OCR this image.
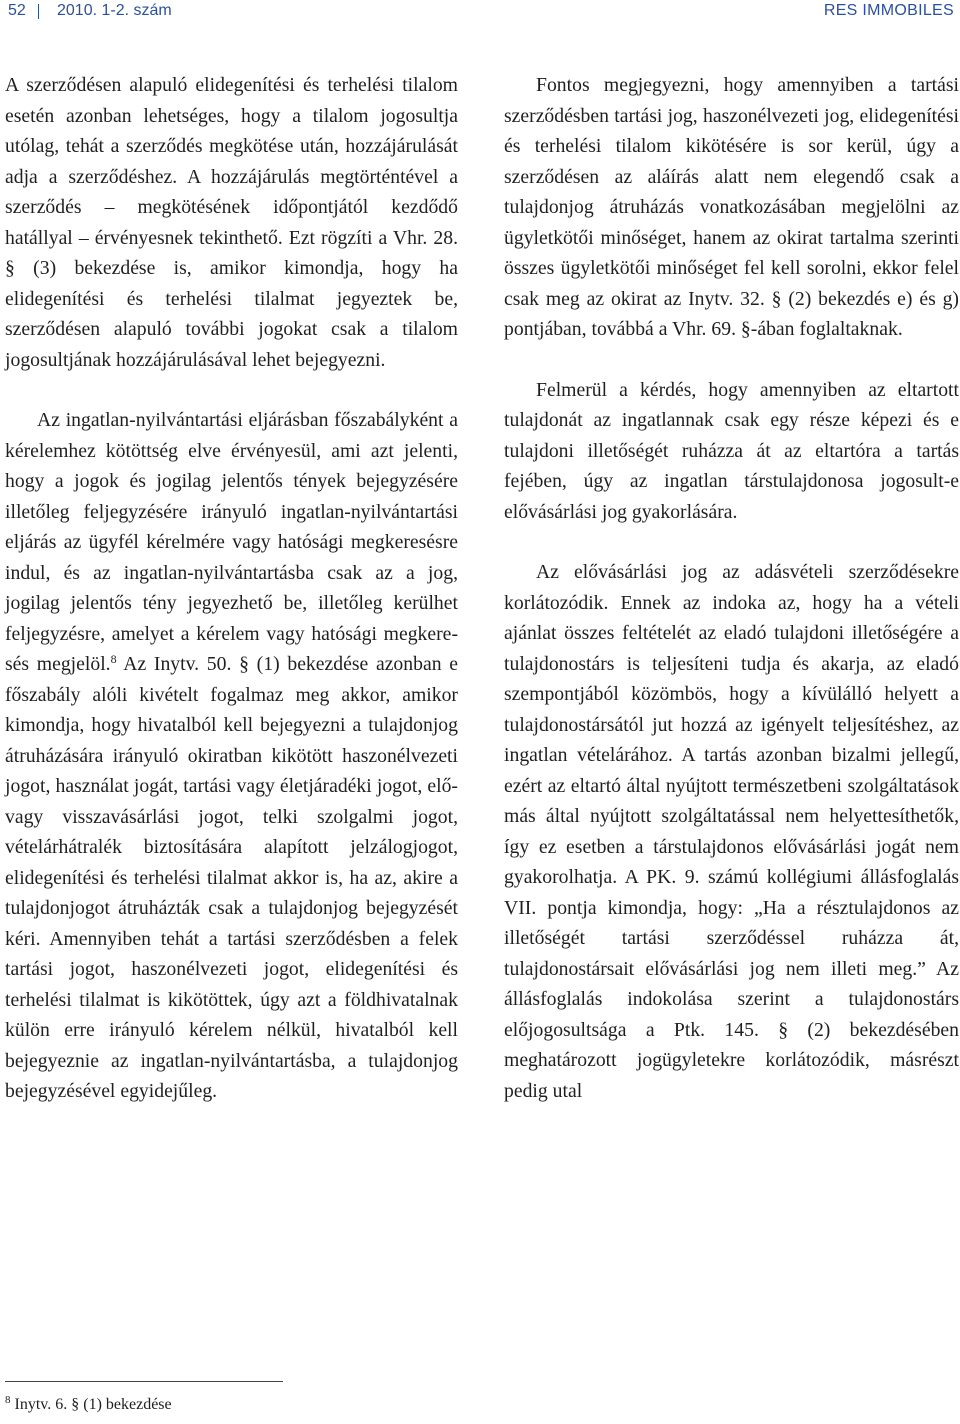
52 2010. 1-2. szám	RES IMMOBILES

A szerződésen alapuló elidegenítési és terhelési tilalom esetén azonban lehetséges, hogy a tilalom jogosultja utólag, tehát a szerződés megkötése után, hozzájárulását adja a szerződéshez. A hozzájárulás megtörténtével a szerződés – megkötésének időpontjától kezdődő hatállyal – érvényesnek tekinthető. Ezt rögzíti a Vhr. 28. § (3) bekezdése is, amikor kimondja, hogy ha elidegenítési és terhelési tilalmat jegyeztek be, szerződésen alapuló további jogokat csak a tilalom jogosultjának hozzájárulásával lehet bejegyezni.

Az ingatlan-nyilvántartási eljárásban főszabályként a kérelemhez kötöttség elve érvényesül, ami azt jelenti, hogy a jogok és jogilag jelentős tények bejegyzésére illetőleg feljegyzésére irányuló ingatlan-nyilvántartási eljárás az ügyfél kérelmére vagy hatósági megkeresésre indul, és az ingatlan-nyilvántartásba csak az a jog, jogilag jelentős tény jegyezhető be, illetőleg kerülhet feljegyzésre, amelyet a kérelem vagy hatósági megkeresés megjelöl.$^8$ Az Inytv. 50. § (1) bekezdése azonban e főszabály alóli kivételt fogalmaz meg akkor, amikor kimondja, hogy hivatalból kell bejegyezni a tulajdonjog átruházására irányuló okiratban kikötött haszonélvezeti jogot, használat jogát, tartási vagy életjáradéki jogot, elő- vagy visszavásárlási jogot, telki szolgalmi jogot, vételárhátralék biztosítására alapított jelzálogjogot, elidegenítési és terhelési tilalmat akkor is, ha az, akire a tulajdonjogot átruházták csak a tulajdonjog bejegyzését kéri. Amennyiben tehát a tartási szerződésben a felek tartási jogot, haszonélvezeti jogot, elidegenítési és terhelési tilalmat is kikötöttek, úgy azt a földhivatalnak külön erre irányuló kérelem nélkül, hivatalból kell bejegyeznie az ingatlan-nyilvántartásba, a tulajdonjog bejegyzésével egyidejűleg.

Fontos megjegyezni, hogy amennyiben a tartási szerződésben tartási jog, haszonélvezeti jog, elidegenítési és terhelési tilalom kikötésére is sor kerül, úgy a szerződésen az aláírás alatt nem elegendő csak a tulajdonjog átruházás vonatkozásában megjelölni az ügyletkötői minőséget, hanem az okirat tartalma szerinti összes ügyletkötői minőséget fel kell sorolni, ekkor felel csak meg az okirat az Inytv. 32. § (2) bekezdés e) és g) pontjában, továbbá a Vhr. 69. §-ában foglaltaknak.

Felmerül a kérdés, hogy amennyiben az eltartott tulajdonát az ingatlannak csak egy része képezi és e tulajdoni illetőségét ruházza át az eltartóra a tartás fejében, úgy az ingatlan társtulajdonosa jogosult-e elővásárlási jog gyakorlására.

Az elővásárlási jog az adásvételi szerződésekre korlátozódik. Ennek az indoka az, hogy ha a vételi ajánlat összes feltételét az eladó tulajdoni illetőségére a tulajdonostárs is teljesíteni tudja és akarja, az eladó szempontjából közömbös, hogy a kívülálló helyett a tulajdonostársától jut hozzá az igényelt teljesítéshez, az ingatlan vételárához. A tartás azonban bizalmi jellegű, ezért az eltartó által nyújtott természetbeni szolgáltatások más által nyújtott szolgáltatással nem helyettesíthetők, így ez esetben a társtulajdonos elővásárlási jogát nem gyakorolhatja. A PK. 9. számú kollégiumi állásfoglalás VII. pontja kimondja, hogy: „Ha a résztulajdonos az illetőségét tartási szerződéssel ruházza át, tulajdonostársait elővásárlási jog nem illeti meg.” Az állásfoglalás indokolása szerint a tulajdonostárs előjogosultsága a Ptk. 145. § (2) bekezdésében meghatározott jogügyletekre korlátozódik, másrészt pedig utal

$^8$ Inytv. 6. § (1) bekezdése
